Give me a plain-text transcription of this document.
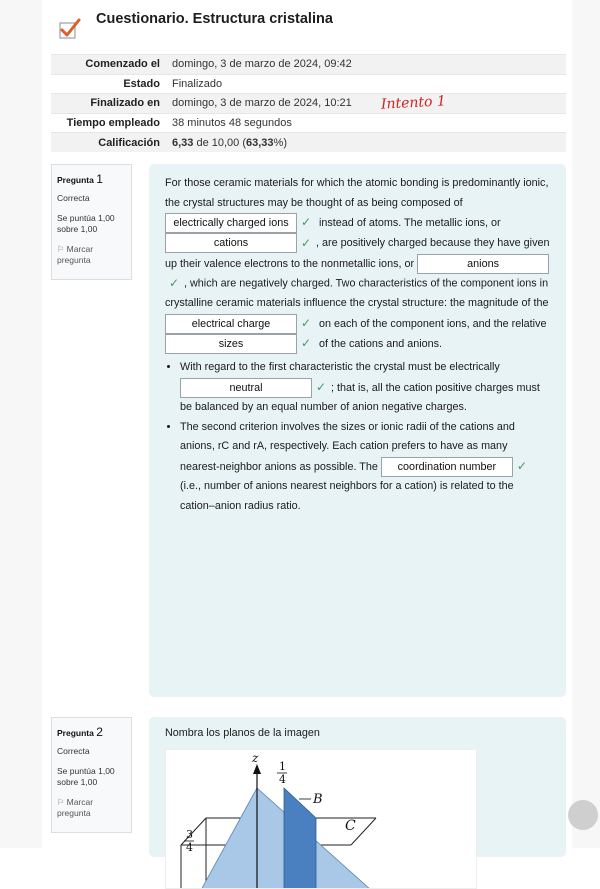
Cuestionario. Estructura cristalina
Comenzado el	domingo, 3 de marzo de 2024, 09:42
Estado	Finalizado
Finalizado en	domingo, 3 de marzo de 2024, 10:21
Tiempo empleado	38 minutos 48 segundos
Calificación	6,33 de 10,00 (63,33%)
Intento 1
Pregunta 1
Correcta
Se puntúa 1,00 sobre 1,00
⚐ Marcar pregunta
For those ceramic materials for which the atomic bonding is predominantly ionic, the crystal structures may be thought of as being composed of electrically charged ions ✓ instead of atoms. The metallic ions, or cations	✓ , are positively charged because they have given up their valence electrons to the nonmetallic ions, or	anions✓ , which are negatively charged. Two characteristics of the component ions in crystalline ceramic materials influence the crystal structure: the magnitude of the electrical charge	✓ on each of the component ions, and the relative sizes	✓ of the cations and anions.
• With regard to the first characteristic the crystal must be electrically neutral	✓ ; that is, all the cation positive charges must be balanced by an equal number of anion negative charges.
• The second criterion involves the sizes or ionic radii of the cations and anions, rC and rA, respectively. Each cation prefers to have as many nearest-neighbor anions as possible. The coordination number ✓ (i.e., number of anions nearest neighbors for a cation) is related to the cation–anion radius ratio.
Pregunta 2
Correcta
Se puntúa 1,00 sobre 1,00
⚐ Marcar pregunta
Nombra los planos de la imagen
z
1
4
B
C
3
4
